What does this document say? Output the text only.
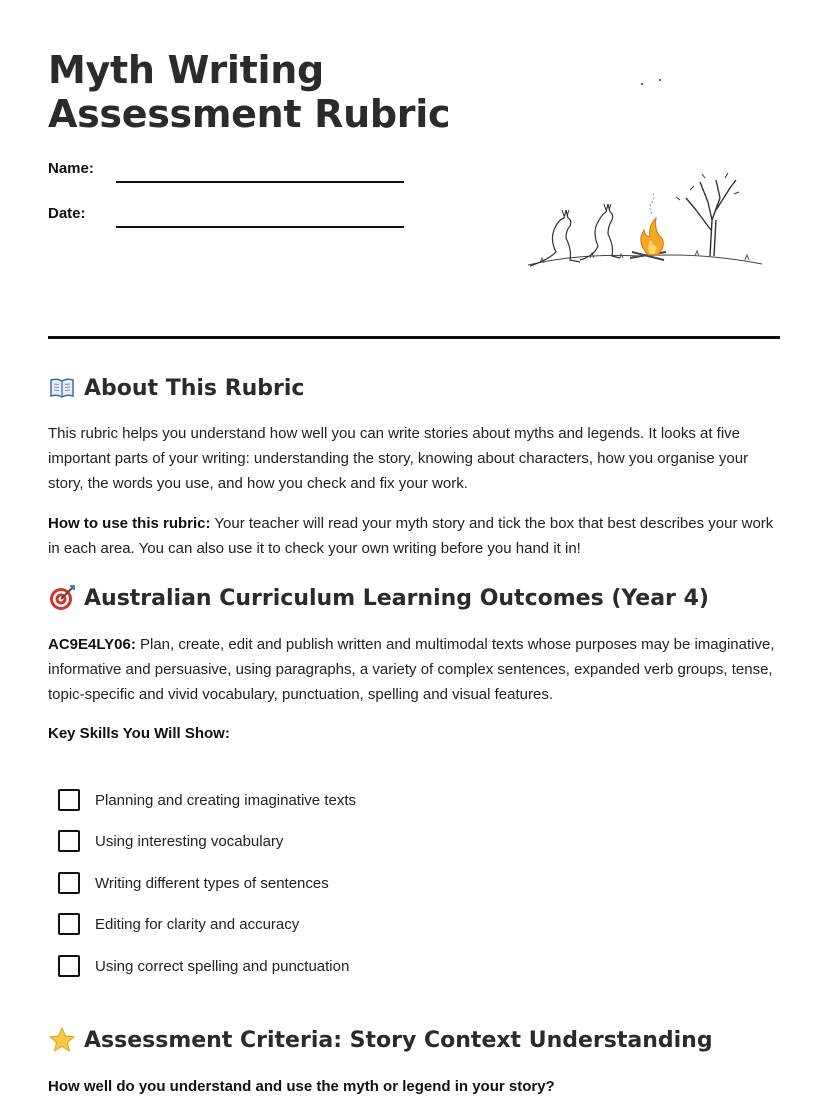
Myth Writing
Assessment Rubric
Name:
Date:
About This Rubric
This rubric helps you understand how well you can write stories about myths and legends. It looks at five important parts of your writing: understanding the story, knowing about characters, how you organise your story, the words you use, and how you check and fix your work.
How to use this rubric: Your teacher will read your myth story and tick the box that best describes your work in each area. You can also use it to check your own writing before you hand it in!
Australian Curriculum Learning Outcomes (Year 4)
AC9E4LY06: Plan, create, edit and publish written and multimodal texts whose purposes may be imaginative, informative and persuasive, using paragraphs, a variety of complex sentences, expanded verb groups, tense, topic-specific and vivid vocabulary, punctuation, spelling and visual features.
Key Skills You Will Show:
Planning and creating imaginative texts
Using interesting vocabulary
Writing different types of sentences
Editing for clarity and accuracy
Using correct spelling and punctuation
Assessment Criteria: Story Context Understanding
How well do you understand and use the myth or legend in your story?
